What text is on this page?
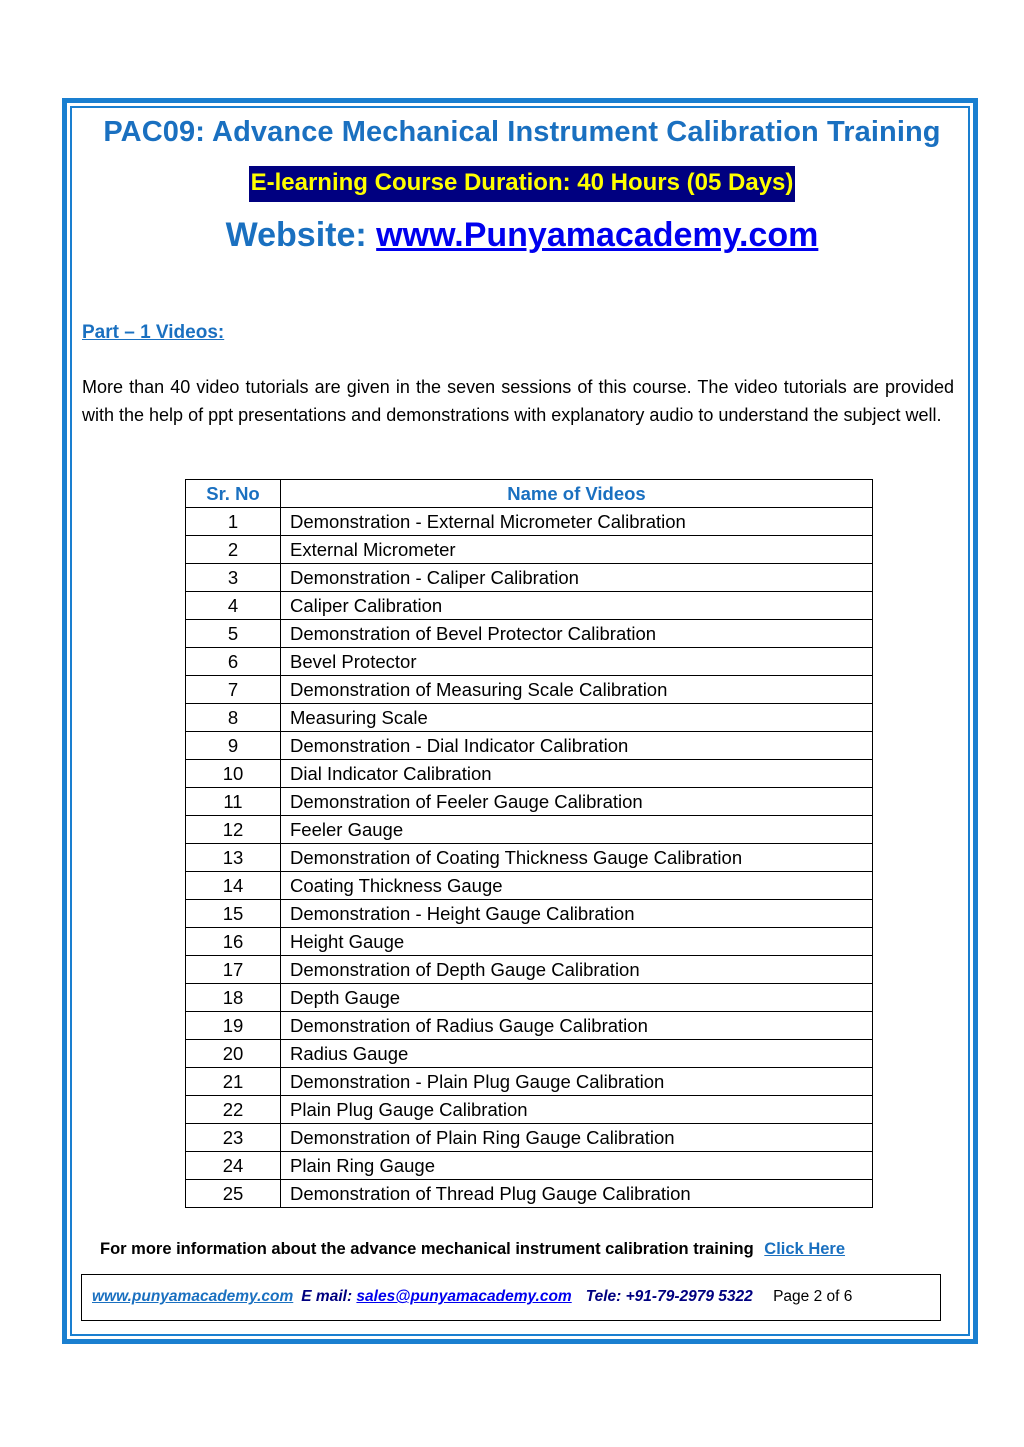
PAC09: Advance Mechanical Instrument Calibration Training
E-learning Course Duration: 40 Hours (05 Days)
Website: www.Punyamacademy.com
Part – 1 Videos:

More than 40 video tutorials are given in the seven sessions of this course. The video tutorials are provided with the help of ppt presentations and demonstrations with explanatory audio to understand the subject well.

Sr. No	Name of Videos
1	Demonstration - External Micrometer Calibration
2	External Micrometer
3	Demonstration - Caliper Calibration
4	Caliper Calibration
5	Demonstration of Bevel Protector Calibration
6	Bevel Protector
7	Demonstration of Measuring Scale Calibration
8	Measuring Scale
9	Demonstration - Dial Indicator Calibration
10	Dial Indicator Calibration
11	Demonstration of Feeler Gauge Calibration
12	Feeler Gauge
13	Demonstration of Coating Thickness Gauge Calibration
14	Coating Thickness Gauge
15	Demonstration - Height Gauge Calibration
16	Height Gauge
17	Demonstration of Depth Gauge Calibration
18	Depth Gauge
19	Demonstration of Radius Gauge Calibration
20	Radius Gauge
21	Demonstration - Plain Plug Gauge Calibration
22	Plain Plug Gauge Calibration
23	Demonstration of Plain Ring Gauge Calibration
24	Plain Ring Gauge
25	Demonstration of Thread Plug Gauge Calibration
For more information about the advance mechanical instrument calibration training Click Here
www.punyamacademy.com E mail: sales@punyamacademy.com Tele: +91-79-2979 5322 Page 2 of 6
